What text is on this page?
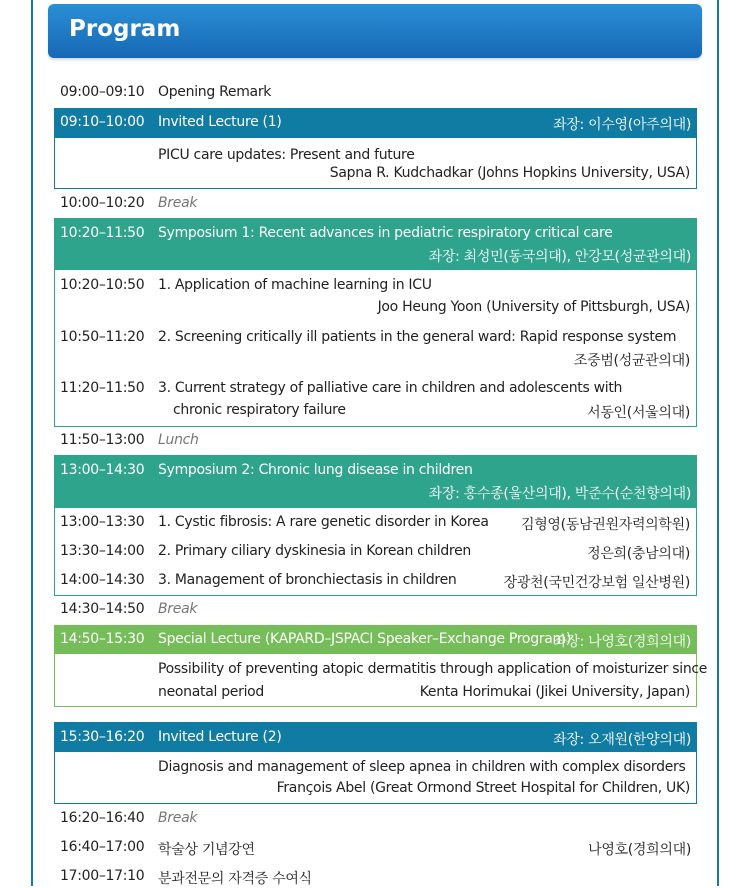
Program
09:00–09:10 Opening Remark
09:10–10:00 Invited Lecture (1)	좌장: 이수영(아주의대)
PICU care updates: Present and future
Sapna R. Kudchadkar (Johns Hopkins University, USA)
10:00–10:20 Break
10:20–11:50 Symposium 1: Recent advances in pediatric respiratory critical care
좌장: 최성민(동국의대), 안강모(성균관의대)
10:20–10:50 1. Application of machine learning in ICU
Joo Heung Yoon (University of Pittsburgh, USA)
10:50–11:20 2. Screening critically ill patients in the general ward: Rapid response system
조중범(성균관의대)
11:20–11:50 3. Current strategy of palliative care in children and adolescents with
chronic respiratory failure	서동인(서울의대)
11:50–13:00 Lunch
13:00–14:30 Symposium 2: Chronic lung disease in children
좌장: 홍수종(울산의대), 박준수(순천향의대)
13:00–13:30 1. Cystic fibrosis: A rare genetic disorder in Korea 김형영(동남권원자력의학원)
13:30–14:00 2. Primary ciliary dyskinesia in Korean children	정은희(충남의대)
14:00–14:30 3. Management of bronchiectasis in children	장광천(국민건강보험 일산병원)
14:30–14:50 Break
14:50–15:30 Special Lecture (KAPARD–JSPACI Speaker–Exchange Program)
좌장: 나영호(경희의대)
Possibility of preventing atopic dermatitis through application of moisturizer since
neonatal period	Kenta Horimukai (Jikei University, Japan)
15:30–16:20 Invited Lecture (2)	좌장: 오재원(한양의대)
Diagnosis and management of sleep apnea in children with complex disorders
François Abel (Great Ormond Street Hospital for Children, UK)
16:20–16:40 Break
16:40–17:00 학술상 기념강연	나영호(경희의대)
17:00–17:10 분과전문의 자격증 수여식
